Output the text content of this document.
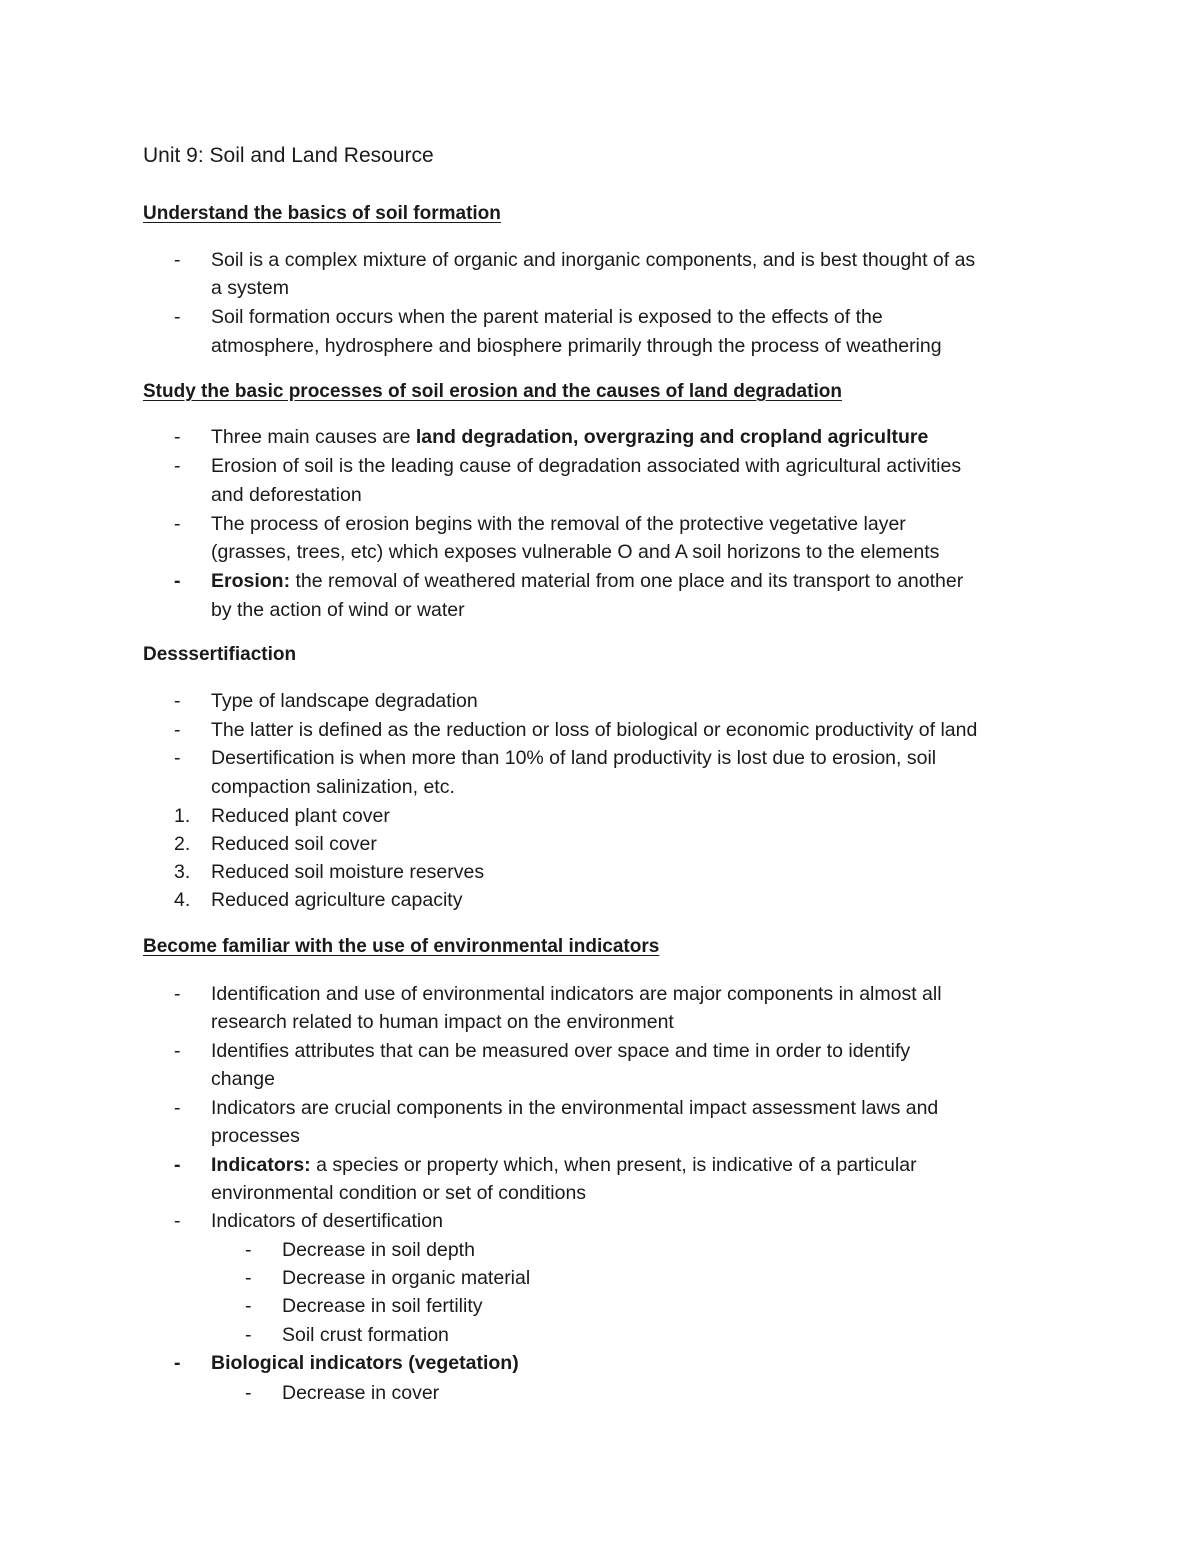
Unit 9: Soil and Land Resource
Understand the basics of soil formation
- Soil is a complex mixture of organic and inorganic components, and is best thought of as
a system
- Soil formation occurs when the parent material is exposed to the effects of the
atmosphere, hydrosphere and biosphere primarily through the process of weathering
Study the basic processes of soil erosion and the causes of land degradation
- Three main causes are land degradation, overgrazing and cropland agriculture
- Erosion of soil is the leading cause of degradation associated with agricultural activities
and deforestation
- The process of erosion begins with the removal of the protective vegetative layer
(grasses, trees, etc) which exposes vulnerable O and A soil horizons to the elements
- Erosion: the removal of weathered material from one place and its transport to another
by the action of wind or water
Desssertifiaction
- Type of landscape degradation
- The latter is defined as the reduction or loss of biological or economic productivity of land
- Desertification is when more than 10% of land productivity is lost due to erosion, soil
compaction salinization, etc.
1. Reduced plant cover
2. Reduced soil cover
3. Reduced soil moisture reserves
4. Reduced agriculture capacity
Become familiar with the use of environmental indicators
- Identification and use of environmental indicators are major components in almost all
research related to human impact on the environment
- Identifies attributes that can be measured over space and time in order to identify
change
- Indicators are crucial components in the environmental impact assessment laws and
processes
- Indicators: a species or property which, when present, is indicative of a particular
environmental condition or set of conditions
- Indicators of desertification
- Decrease in soil depth
- Decrease in organic material
- Decrease in soil fertility
- Soil crust formation
- Biological indicators (vegetation)
- Decrease in cover
